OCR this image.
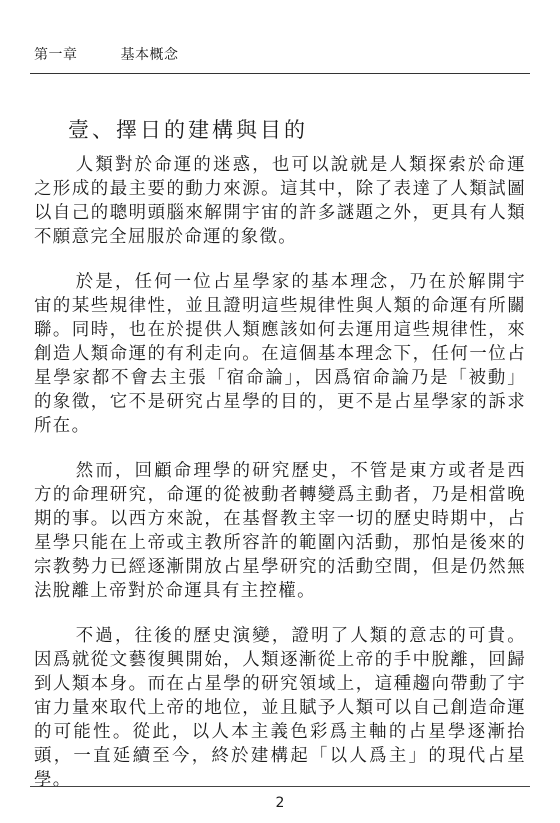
第一章	基本概念
壹、擇日的建構與目的

人類對於命運的迷惑，也可以說就是人類探索於命運之形成的最主要的動力來源。這其中，除了表達了人類試圖以自己的聰明頭腦來解開宇宙的許多謎題之外，更具有人類不願意完全屈服於命運的象徵。

於是，任何一位占星學家的基本理念，乃在於解開宇宙的某些規律性，並且證明這些規律性與人類的命運有所關聯。同時，也在於提供人類應該如何去運用這些規律性，來創造人類命運的有利走向。在這個基本理念下，任何一位占星學家都不會去主張「宿命論」，因爲宿命論乃是「被動」的象徵，它不是研究占星學的目的，更不是占星學家的訴求所在。

然而，回顧命理學的研究歷史，不管是東方或者是西方的命理研究，命運的從被動者轉變爲主動者，乃是相當晚期的事。以西方來說，在基督教主宰一切的歷史時期中，占星學只能在上帝或主教所容許的範圍內活動，那怕是後來的宗教勢力已經逐漸開放占星學研究的活動空間，但是仍然無法脫離上帝對於命運具有主控權。

不過，往後的歷史演變，證明了人類的意志的可貴。因爲就從文藝復興開始，人類逐漸從上帝的手中脫離，回歸到人類本身。而在占星學的研究領域上，這種趨向帶動了宇宙力量來取代上帝的地位，並且賦予人類可以自己創造命運的可能性。從此，以人本主義色彩爲主軸的占星學逐漸抬頭，一直延續至今，終於建構起「以人爲主」的現代占星學。

2
